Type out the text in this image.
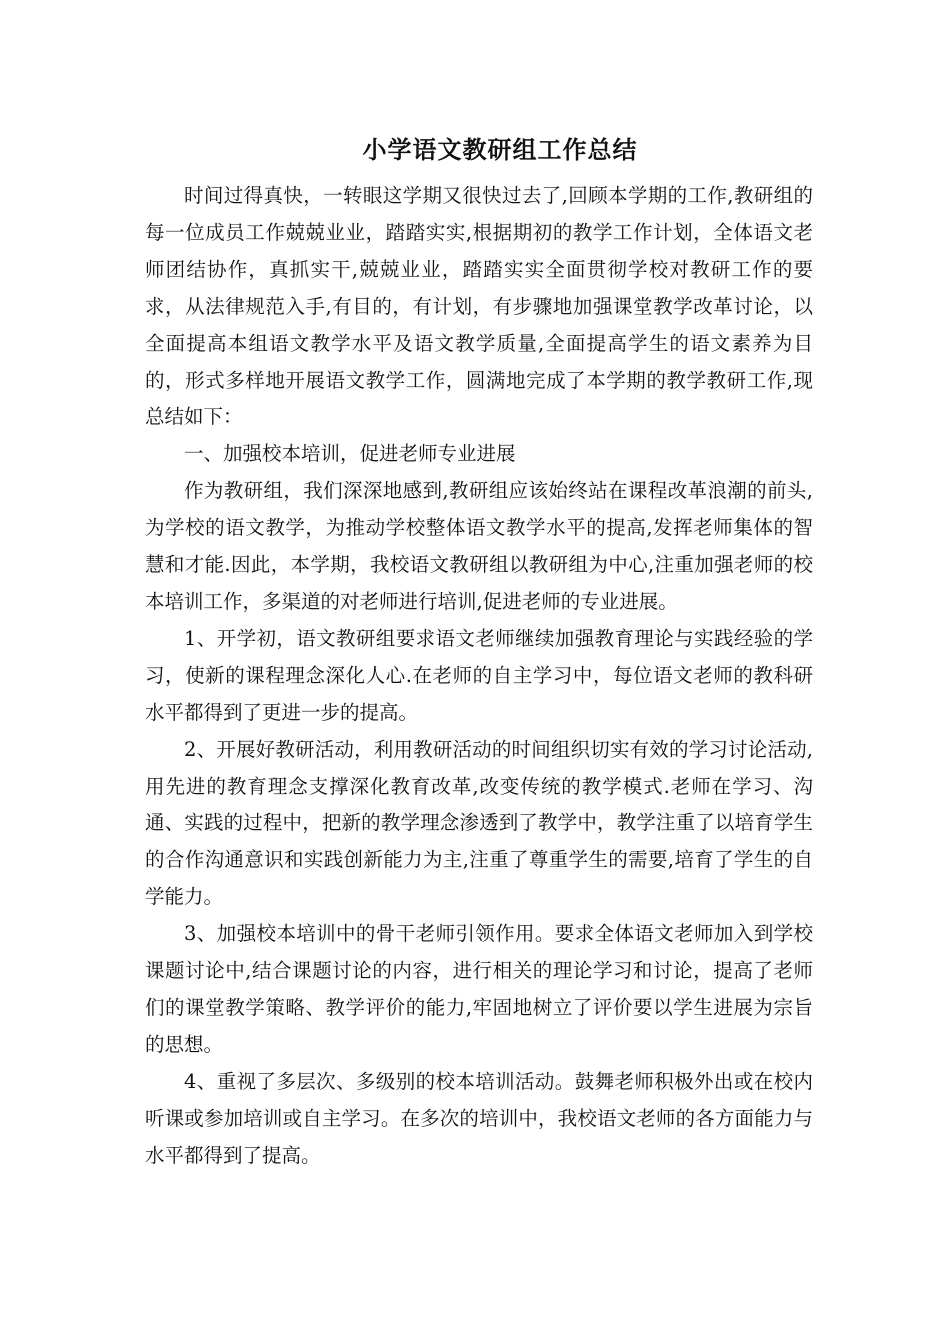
小学语文教研组工作总结

时间过得真快，一转眼这学期又很快过去了,回顾本学期的工作,教研组的每一位成员工作兢兢业业，踏踏实实,根据期初的教学工作计划，全体语文老师团结协作，真抓实干,兢兢业业，踏踏实实全面贯彻学校对教研工作的要求，从法律规范入手,有目的，有计划，有步骤地加强课堂教学改革讨论，以全面提高本组语文教学水平及语文教学质量,全面提高学生的语文素养为目的，形式多样地开展语文教学工作，圆满地完成了本学期的教学教研工作,现总结如下：

一、加强校本培训，促进老师专业进展

作为教研组，我们深深地感到,教研组应该始终站在课程改革浪潮的前头,为学校的语文教学，为推动学校整体语文教学水平的提高,发挥老师集体的智慧和才能.因此，本学期，我校语文教研组以教研组为中心,注重加强老师的校本培训工作，多渠道的对老师进行培训,促进老师的专业进展。

1、开学初，语文教研组要求语文老师继续加强教育理论与实践经验的学习，使新的课程理念深化人心.在老师的自主学习中，每位语文老师的教科研水平都得到了更进一步的提高。

2、开展好教研活动，利用教研活动的时间组织切实有效的学习讨论活动,用先进的教育理念支撑深化教育改革,改变传统的教学模式.老师在学习、沟通、实践的过程中，把新的教学理念渗透到了教学中，教学注重了以培育学生的合作沟通意识和实践创新能力为主,注重了尊重学生的需要,培育了学生的自学能力。

3、加强校本培训中的骨干老师引领作用。要求全体语文老师加入到学校课题讨论中,结合课题讨论的内容，进行相关的理论学习和讨论，提高了老师们的课堂教学策略、教学评价的能力,牢固地树立了评价要以学生进展为宗旨的思想。

4、重视了多层次、多级别的校本培训活动。鼓舞老师积极外出或在校内听课或参加培训或自主学习。在多次的培训中，我校语文老师的各方面能力与水平都得到了提高。
